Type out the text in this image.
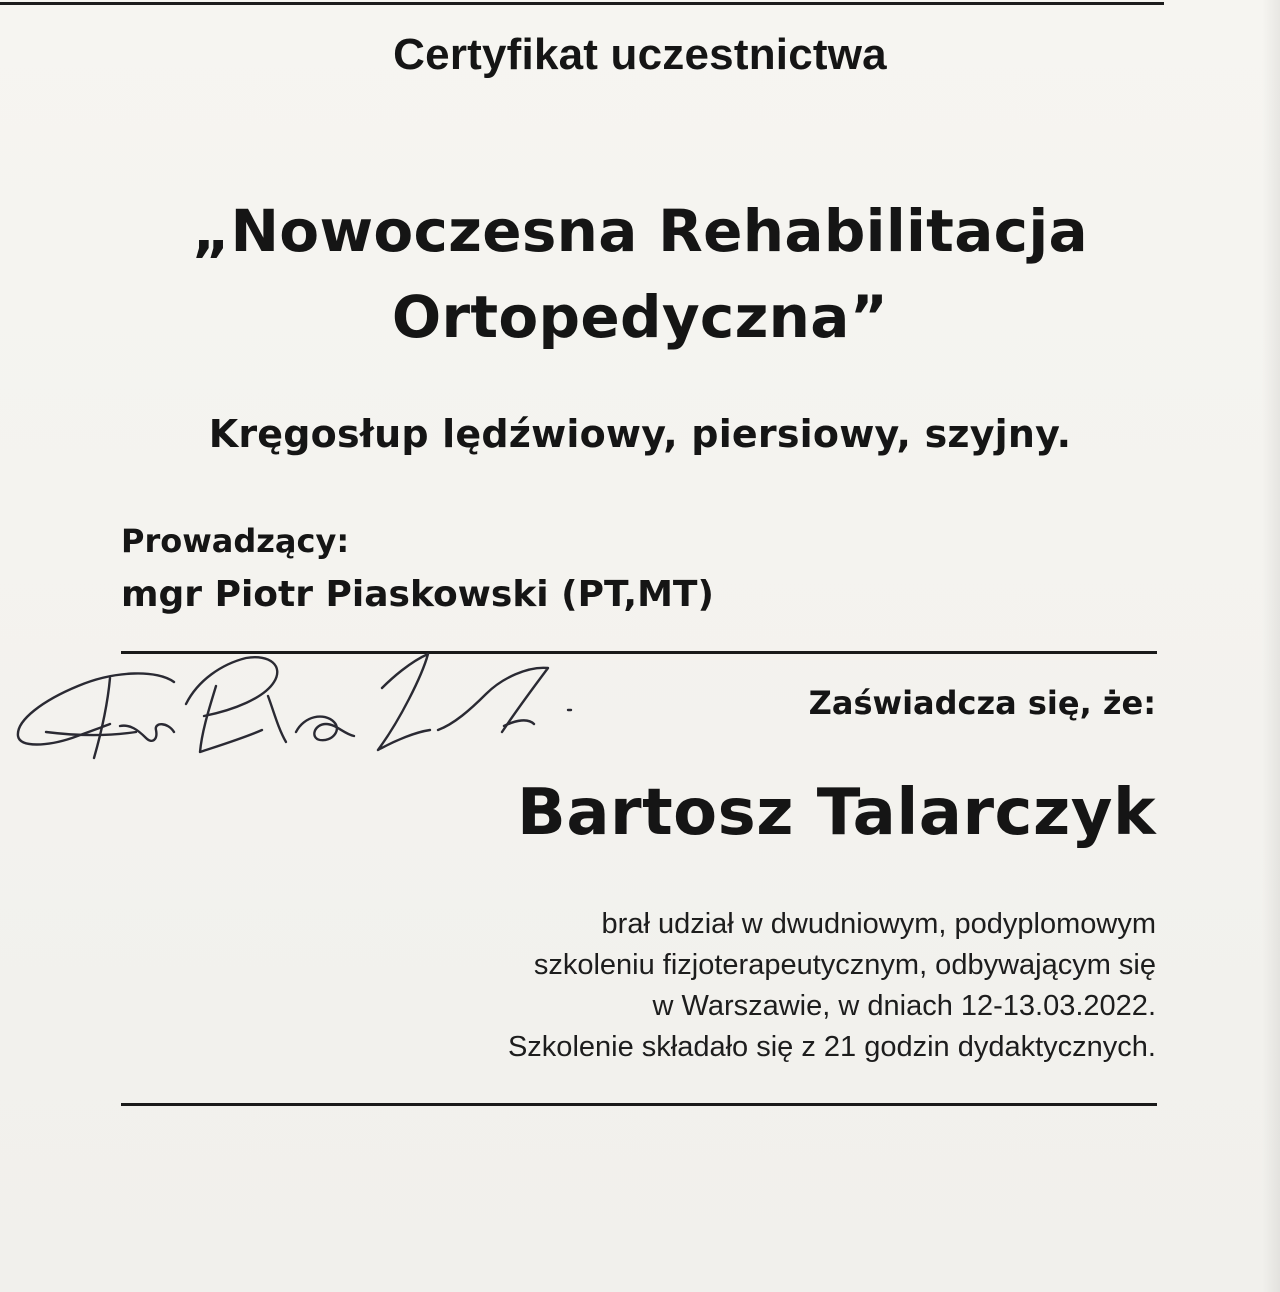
Certyfikat uczestnictwa
„Nowoczesna Rehabilitacja
Ortopedyczna”
Kręgosłup lędźwiowy, piersiowy, szyjny.
Prowadzący:
mgr Piotr Piaskowski (PT,MT)
Zaświadcza się, że:
Bartosz Talarczyk
brał udział w dwudniowym, podyplomowym
szkoleniu fizjoterapeutycznym, odbywającym się
w Warszawie, w dniach 12-13.03.2022.
Szkolenie składało się z 21 godzin dydaktycznych.
